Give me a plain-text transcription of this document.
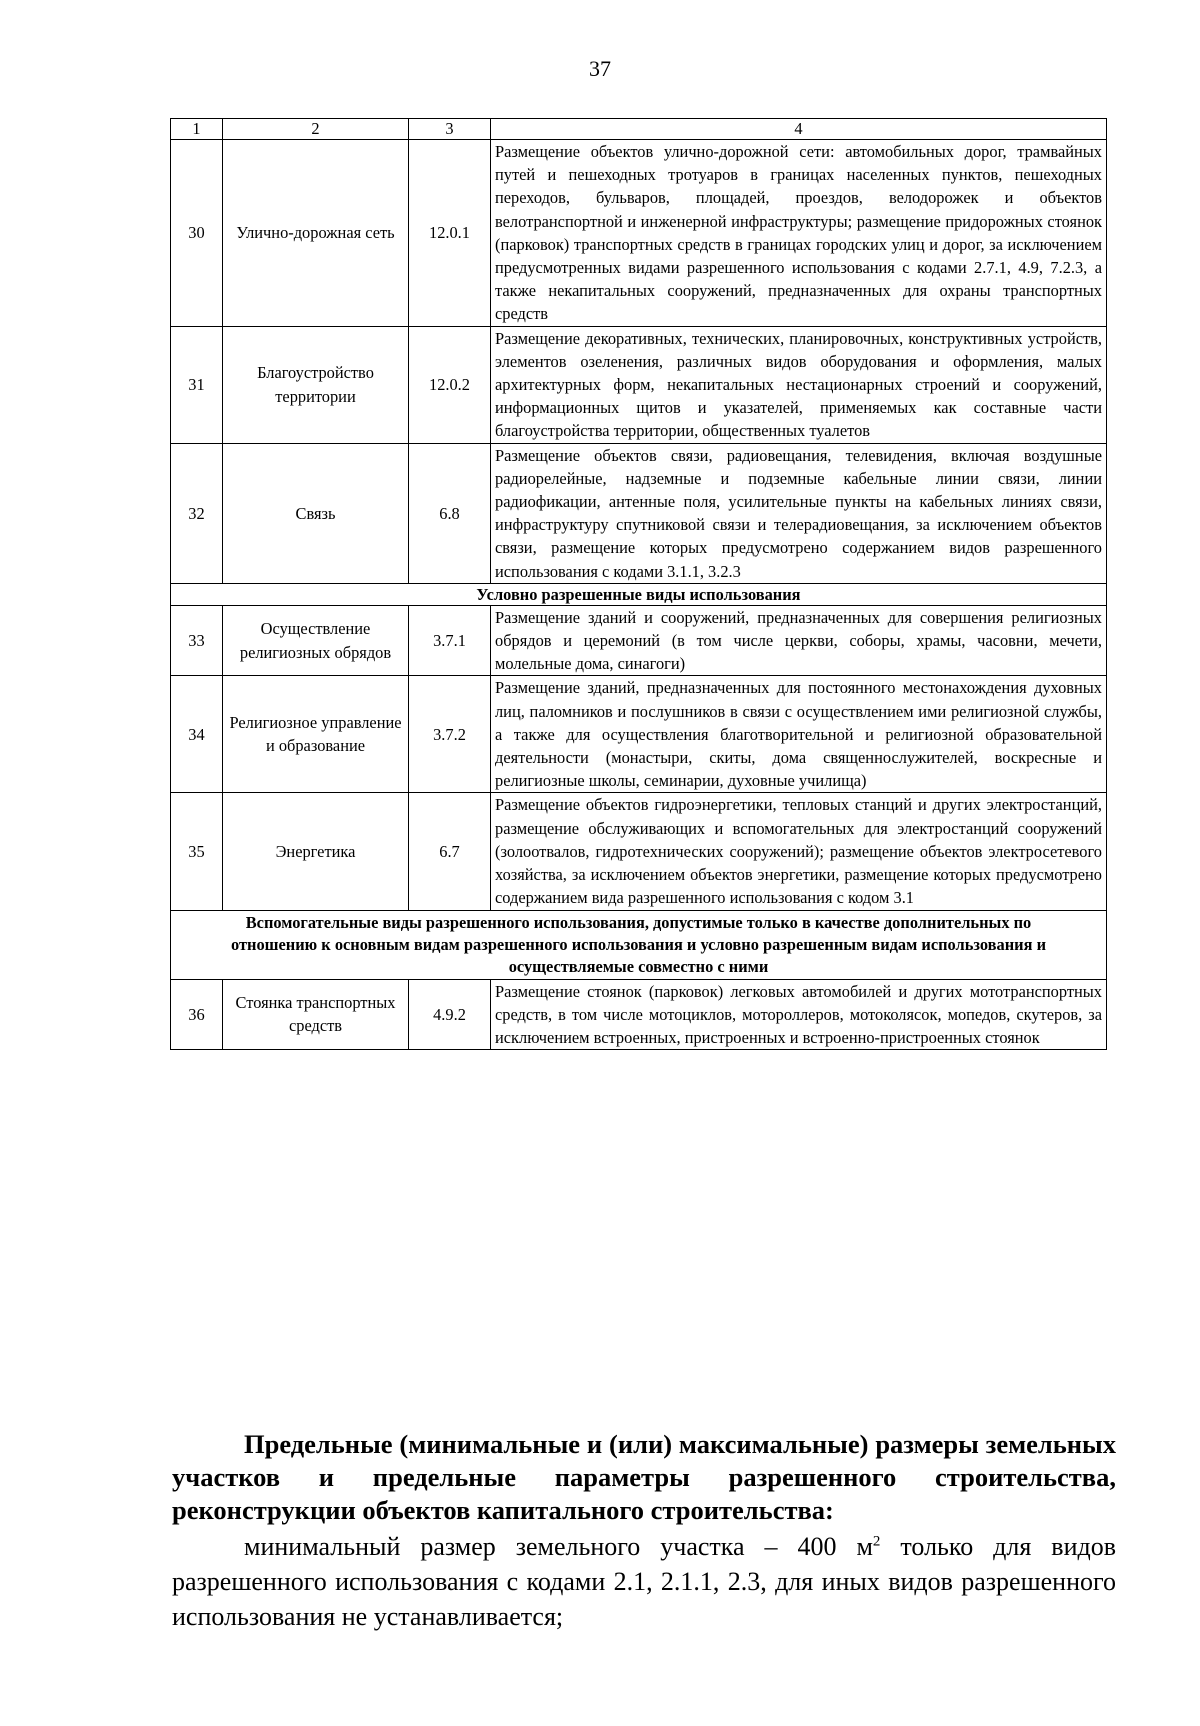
37
1	2	3	4
30	Улично-дорожная сеть	12.0.1	Размещение объектов улично-дорожной сети: автомобильных дорог, трамвайных путей и пешеходных тротуаров в границах населенных пунктов, пешеходных переходов, бульваров, площадей, проездов, велодорожек и объектов велотранспортной и инженерной инфраструктуры; размещение придорожных стоянок (парковок) транспортных средств в границах городских улиц и дорог, за исключением предусмотренных видами разрешенного использования с кодами 2.7.1, 4.9, 7.2.3, а также некапитальных сооружений, предназначенных для охраны транспортных средств
31	Благоустройство территории	12.0.2	Размещение декоративных, технических, планировочных, конструктивных устройств, элементов озеленения, различных видов оборудования и оформления, малых архитектурных форм, некапитальных нестационарных строений и сооружений, информационных щитов и указателей, применяемых как составные части благоустройства территории, общественных туалетов
32	Связь	6.8	Размещение объектов связи, радиовещания, телевидения, включая воздушные радиорелейные, надземные и подземные кабельные линии связи, линии радиофикации, антенные поля, усилительные пункты на кабельных линиях связи, инфраструктуру спутниковой связи и телерадиовещания, за исключением объектов связи, размещение которых предусмотрено содержанием видов разрешенного использования с кодами 3.1.1, 3.2.3
Условно разрешенные виды использования			
33	Осуществление религиозных обрядов	3.7.1	Размещение зданий и сооружений, предназначенных для совершения религиозных обрядов и церемоний (в том числе церкви, соборы, храмы, часовни, мечети, молельные дома, синагоги)
34	Религиозное управление и образование	3.7.2	Размещение зданий, предназначенных для постоянного местонахождения духовных лиц, паломников и послушников в связи с осуществлением ими религиозной службы, а также для осуществления благотворительной и религиозной образовательной деятельности (монастыри, скиты, дома священнослужителей, воскресные и религиозные школы, семинарии, духовные училища)
35	Энергетика	6.7	Размещение объектов гидроэнергетики, тепловых станций и других электростанций, размещение обслуживающих и вспомогательных для электростанций сооружений (золоотвалов, гидротехнических сооружений); размещение объектов электросетевого хозяйства, за исключением объектов энергетики, размещение которых предусмотрено содержанием вида разрешенного использования с кодом 3.1
Вспомогательные виды разрешенного использования, допустимые только в качестве дополнительных по отношению к основным видам разрешенного использования и условно разрешенным видам использования и осуществляемые совместно с ними			
36	Стоянка транспортных средств	4.9.2	Размещение стоянок (парковок) легковых автомобилей и других мототранспортных средств, в том числе мотоциклов, мотороллеров, мотоколясок, мопедов, скутеров, за исключением встроенных, пристроенных и встроенно-пристроенных стоянок
Предельные (минимальные и (или) максимальные) размеры земельных участков и предельные параметры разрешенного строительства, реконструкции объектов капитального строительства:

минимальный размер земельного участка – 400 $м^2$ только для видов разрешенного использования с кодами 2.1, 2.1.1, 2.3, для иных видов разрешенного использования не устанавливается;
